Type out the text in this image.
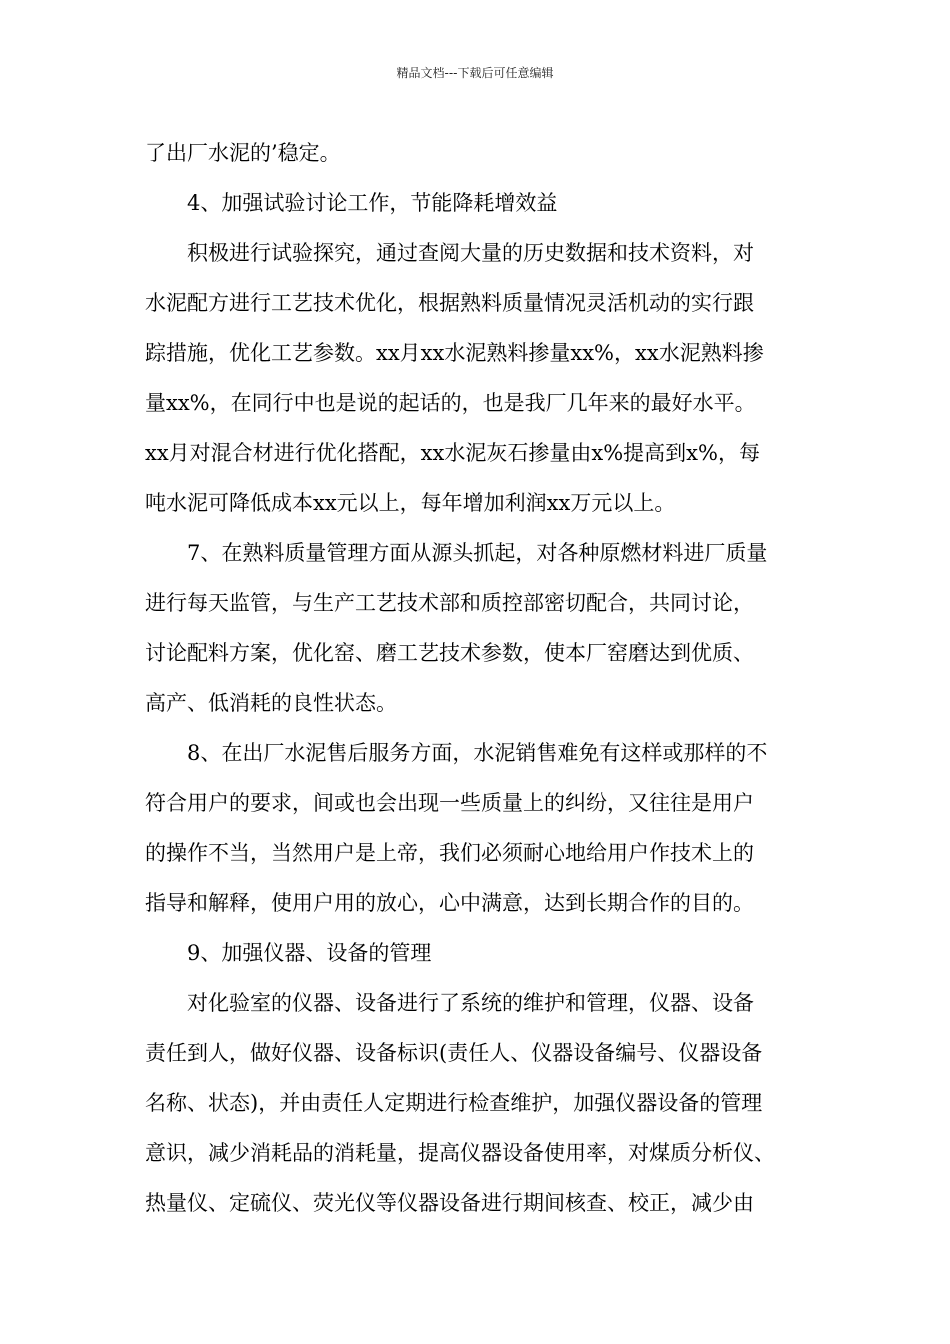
精品文档---下载后可任意编辑
了出厂水泥的’稳定。
4、加强试验讨论工作，节能降耗增效益
积极进行试验探究，通过查阅大量的历史数据和技术资料，对
水泥配方进行工艺技术优化，根据熟料质量情况灵活机动的实行跟
踪措施，优化工艺参数。xx月xx水泥熟料掺量xx%，xx水泥熟料掺
量xx%，在同行中也是说的起话的，也是我厂几年来的最好水平。
xx月对混合材进行优化搭配，xx水泥灰石掺量由x%提高到x%，每
吨水泥可降低成本xx元以上，每年增加利润xx万元以上。
7、在熟料质量管理方面从源头抓起，对各种原燃材料进厂质量
进行每天监管，与生产工艺技术部和质控部密切配合，共同讨论，
讨论配料方案，优化窑、磨工艺技术参数，使本厂窑磨达到优质、
高产、低消耗的良性状态。
8、在出厂水泥售后服务方面，水泥销售难免有这样或那样的不
符合用户的要求，间或也会出现一些质量上的纠纷，又往往是用户
的操作不当，当然用户是上帝，我们必须耐心地给用户作技术上的
指导和解释，使用户用的放心，心中满意，达到长期合作的目的。
9、加强仪器、设备的管理
对化验室的仪器、设备进行了系统的维护和管理，仪器、设备
责任到人，做好仪器、设备标识(责任人、仪器设备编号、仪器设备
名称、状态)，并由责任人定期进行检查维护，加强仪器设备的管理
意识，减少消耗品的消耗量，提高仪器设备使用率，对煤质分析仪、
热量仪、定硫仪、荧光仪等仪器设备进行期间核查、校正，减少由
